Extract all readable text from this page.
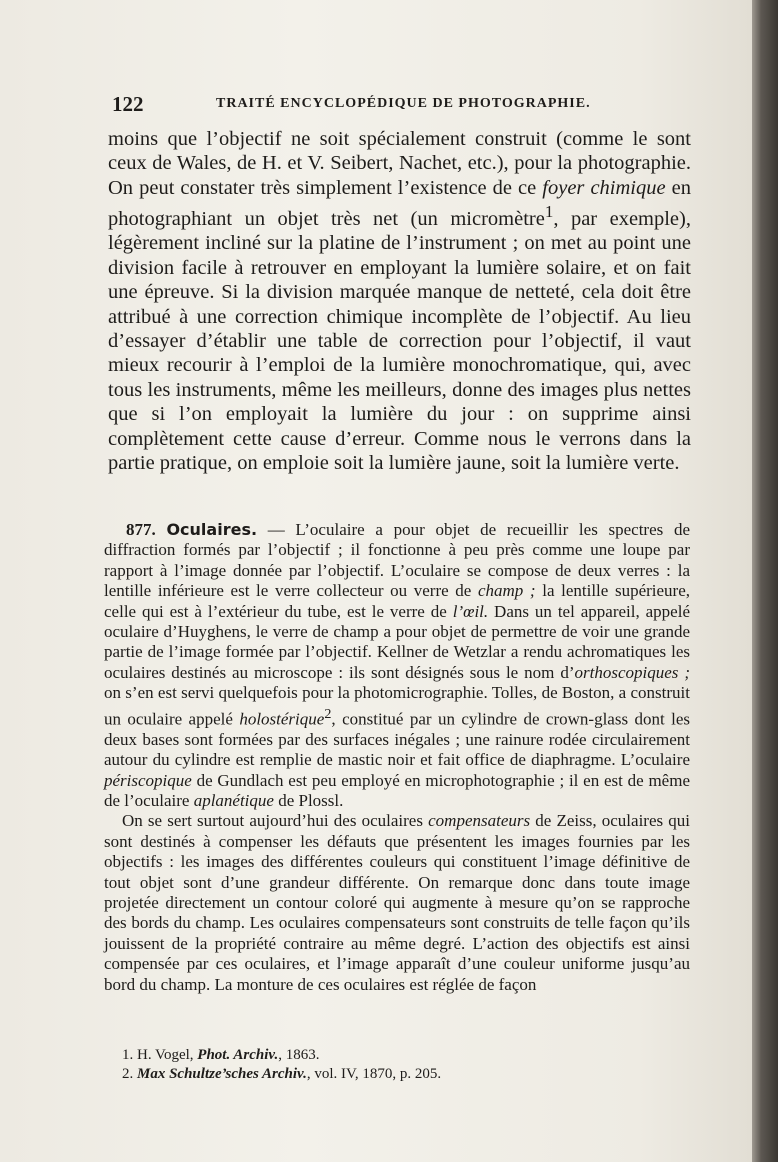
122	TRAITÉ ENCYCLOPÉDIQUE DE PHOTOGRAPHIE.

moins que l’objectif ne soit spécialement construit (comme le sont ceux de Wales, de H. et V. Seibert, Nachet, etc.), pour la photographie. On peut constater très simplement l’existence de ce foyer chimique en photographiant un objet très net (un micromètre$^1$, par exemple), légèrement incliné sur la platine de l’instrument ; on met au point une division facile à retrouver en employant la lumière solaire, et on fait une épreuve. Si la division marquée manque de netteté, cela doit être attribué à une correction chimique incomplète de l’objectif. Au lieu d’essayer d’établir une table de correction pour l’objectif, il vaut mieux recourir à l’emploi de la lumière monochromatique, qui, avec tous les instruments, même les meilleurs, donne des images plus nettes que si l’on employait la lumière du jour : on supprime ainsi complètement cette cause d’erreur. Comme nous le verrons dans la partie pratique, on emploie soit la lumière jaune, soit la lumière verte.

877. Oculaires. — L’oculaire a pour objet de recueillir les spectres de diffraction formés par l’objectif ; il fonctionne à peu près comme une loupe par rapport à l’image donnée par l’objectif. L’oculaire se compose de deux verres : la lentille inférieure est le verre collecteur ou verre de champ ; la lentille supérieure, celle qui est à l’extérieur du tube, est le verre de l’œil. Dans un tel appareil, appelé oculaire d’Huyghens, le verre de champ a pour objet de permettre de voir une grande partie de l’image formée par l’objectif. Kellner de Wetzlar a rendu achromatiques les oculaires destinés au microscope : ils sont désignés sous le nom d’orthoscopiques ; on s’en est servi quelquefois pour la photomicrographie. Tolles, de Boston, a construit un oculaire appelé holostérique$^2$, constitué par un cylindre de crown-glass dont les deux bases sont formées par des surfaces inégales ; une rainure rodée circulairement autour du cylindre est remplie de mastic noir et fait office de diaphragme. L’oculaire périscopique de Gundlach est peu employé en microphotographie ; il en est de même de l’oculaire aplanétique de Plossl.

On se sert surtout aujourd’hui des oculaires compensateurs de Zeiss, oculaires qui sont destinés à compenser les défauts que présentent les images fournies par les objectifs : les images des différentes couleurs qui constituent l’image définitive de tout objet sont d’une grandeur différente. On remarque donc dans toute image projetée directement un contour coloré qui augmente à mesure qu’on se rapproche des bords du champ. Les oculaires compensateurs sont construits de telle façon qu’ils jouissent de la propriété contraire au même degré. L’action des objectifs est ainsi compensée par ces oculaires, et l’image apparaît d’une couleur uniforme jusqu’au bord du champ. La monture de ces oculaires est réglée de façon

1. H. Vogel, Phot. Archiv., 1863.
2. Max Schultze’sches Archiv., vol. IV, 1870, p. 205.
